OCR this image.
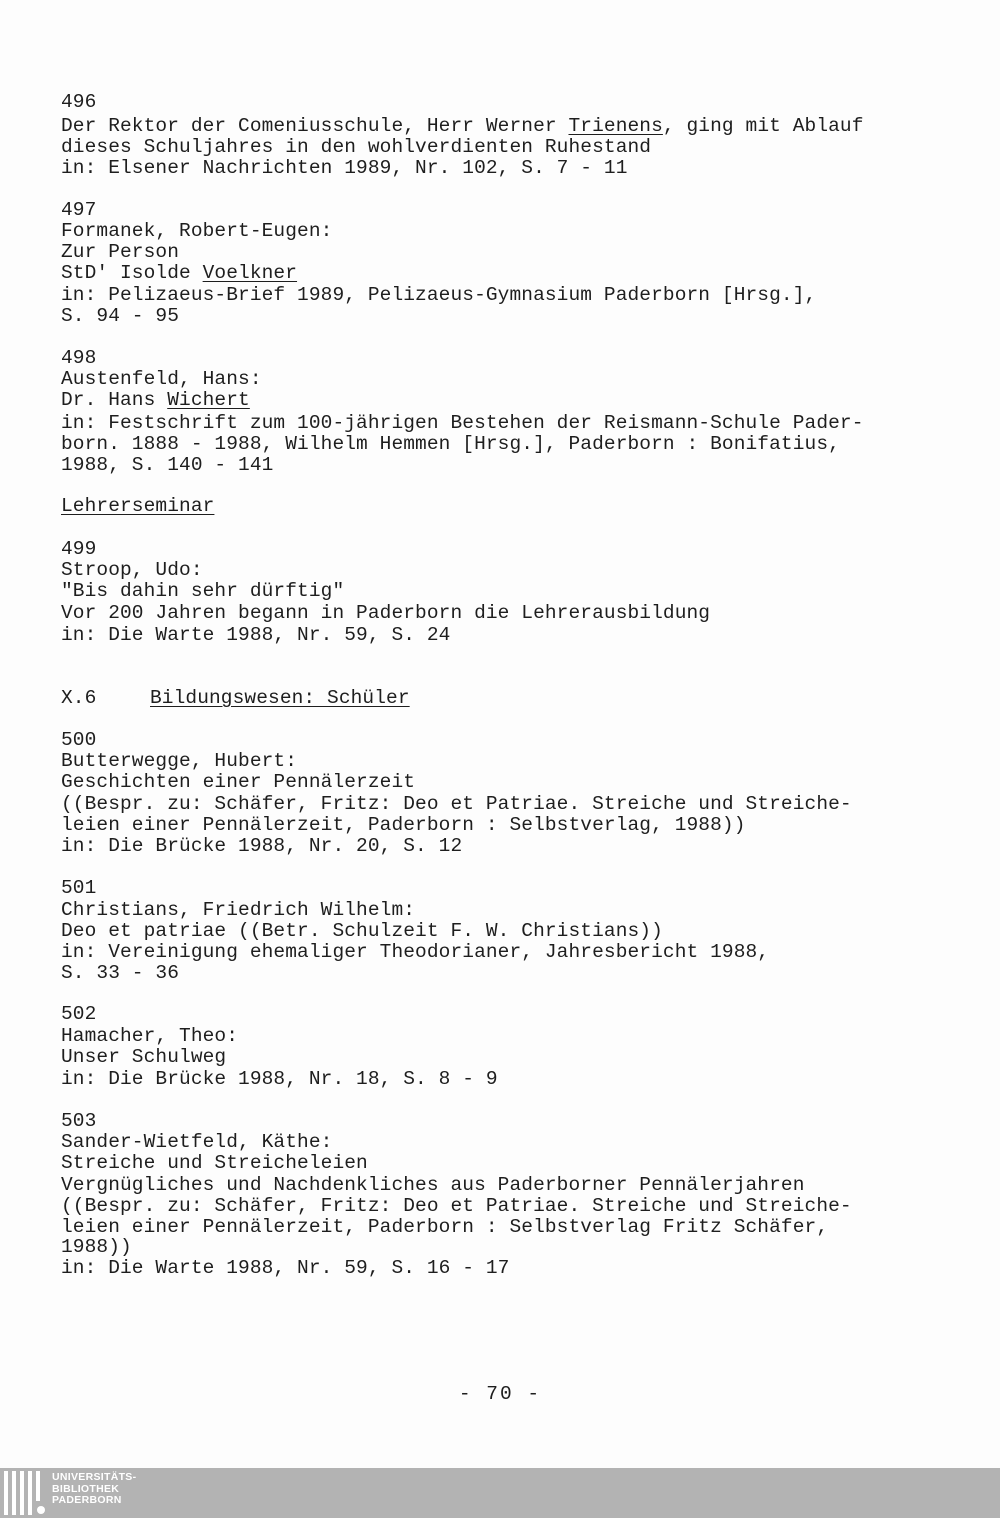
496
Der Rektor der Comeniusschule, Herr Werner Trienens, ging mit Ablauf
dieses Schuljahres in den wohlverdienten Ruhestand
in: Elsener Nachrichten 1989, Nr. 102, S. 7 - 11
497
Formanek, Robert-Eugen:
Zur Person
StD' Isolde Voelkner
in: Pelizaeus-Brief 1989, Pelizaeus-Gymnasium Paderborn [Hrsg.],
S. 94 - 95
498
Austenfeld, Hans:
Dr. Hans Wichert
in: Festschrift zum 100-jährigen Bestehen der Reismann-Schule Pader-
born. 1888 - 1988, Wilhelm Hemmen [Hrsg.], Paderborn : Bonifatius,
1988, S. 140 - 141
Lehrerseminar
499
Stroop, Udo:
"Bis dahin sehr dürftig"
Vor 200 Jahren begann in Paderborn die Lehrerausbildung
in: Die Warte 1988, Nr. 59, S. 24
X.6	Bildungswesen: Schüler
500
Butterwegge, Hubert:
Geschichten einer Pennälerzeit
((Bespr. zu: Schäfer, Fritz: Deo et Patriae. Streiche und Streiche-
leien einer Pennälerzeit, Paderborn : Selbstverlag, 1988))
in: Die Brücke 1988, Nr. 20, S. 12
501
Christians, Friedrich Wilhelm:
Deo et patriae ((Betr. Schulzeit F. W. Christians))
in: Vereinigung ehemaliger Theodorianer, Jahresbericht 1988,
S. 33 - 36
502
Hamacher, Theo:
Unser Schulweg
in: Die Brücke 1988, Nr. 18, S. 8 - 9
503
Sander-Wietfeld, Käthe:
Streiche und Streicheleien
Vergnügliches und Nachdenkliches aus Paderborner Pennälerjahren
((Bespr. zu: Schäfer, Fritz: Deo et Patriae. Streiche und Streiche-
leien einer Pennälerzeit, Paderborn : Selbstverlag Fritz Schäfer,
1988))
in: Die Warte 1988, Nr. 59, S. 16 - 17
- 70 -
UNIVERSITÄTS-
BIBLIOTHEK
PADERBORN
